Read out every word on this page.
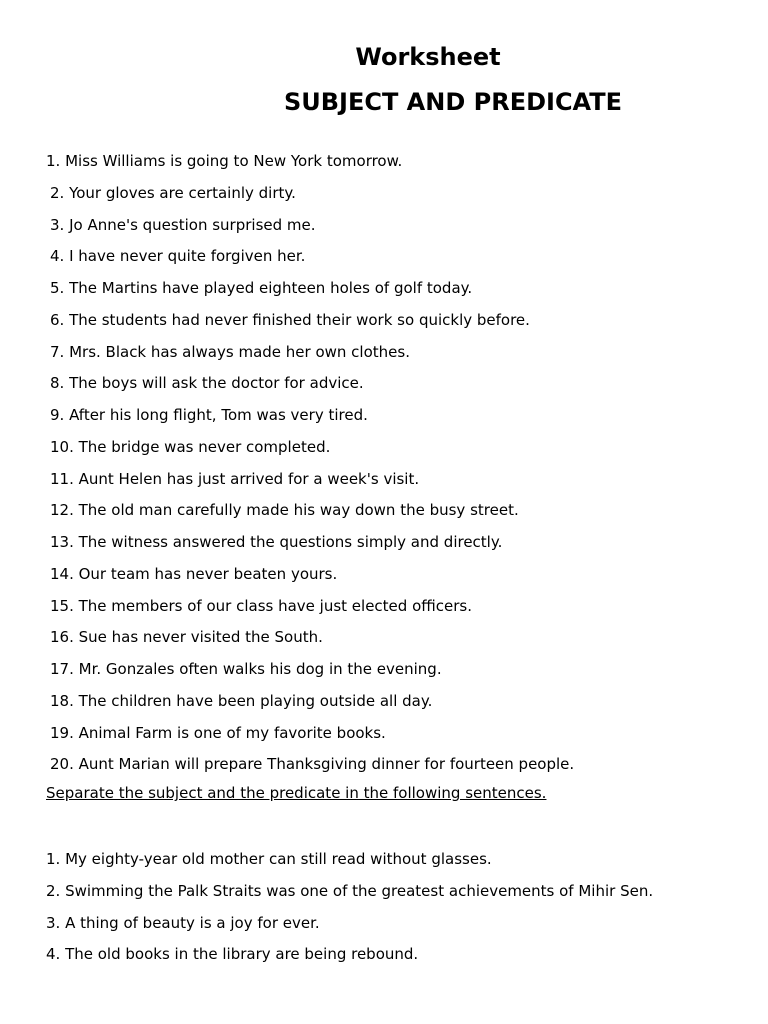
Worksheet
SUBJECT AND PREDICATE
1. Miss Williams is going to New York tomorrow.
2. Your gloves are certainly dirty.
3. Jo Anne's question surprised me.
4. I have never quite forgiven her.
5. The Martins have played eighteen holes of golf today.
6. The students had never finished their work so quickly before.
7. Mrs. Black has always made her own clothes.
8. The boys will ask the doctor for advice.
9. After his long flight, Tom was very tired.
10. The bridge was never completed.
11. Aunt Helen has just arrived for a week's visit.
12. The old man carefully made his way down the busy street.
13. The witness answered the questions simply and directly.
14. Our team has never beaten yours.
15. The members of our class have just elected officers.
16. Sue has never visited the South.
17. Mr. Gonzales often walks his dog in the evening.
18. The children have been playing outside all day.
19. Animal Farm is one of my favorite books.
20. Aunt Marian will prepare Thanksgiving dinner for fourteen people.

Separate the subject and the predicate in the following sentences.

1. My eighty-year old mother can still read without glasses.
2. Swimming the Palk Straits was one of the greatest achievements of Mihir Sen.
3. A thing of beauty is a joy for ever.
4. The old books in the library are being rebound.
